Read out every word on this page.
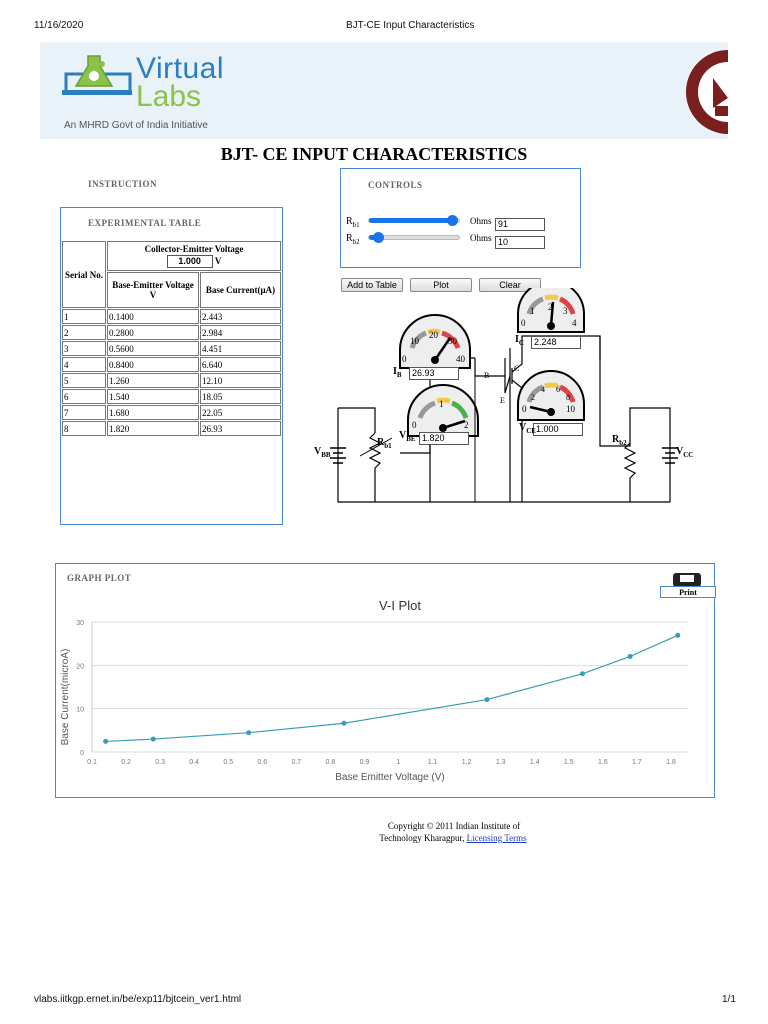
11/16/2020	BJT-CE Input Characteristics
Virtual
Labs
An MHRD Govt of India Initiative
BJT- CE INPUT CHARACTERISTICS
INSTRUCTION	CONTROLS
$R_{b1}$	Ohms 91
$R_{b2}$	Ohms 10
Add to Table	Plot	Clear
EXPERIMENTAL TABLE
Serial No.	Collector-Emitter Voltage
1.000 V	

	Base-Emitter Voltage
V	Base Current(μA)
1	0.1400	2.443
2	0.2800	2.984
3	0.5600	4.451
4	0.8400	6.640
5	1.260	12.10
6	1.540	18.05
7	1.680	22.05
8	1.820	26.93
0
10
20
30
40
0
1 2 3
4
0
1
2
0
2
4 6
8
10
26.93
2.248
1.820
1.000
$I_B$
$I_C$
$V_{BE}$
$V_{CE}$
$V_{BB}$	$V_{CC}$
$R_{b1}$
$R_{b2}$
B
C
E
GRAPH PLOT
Print
V-I Plot
0
10
20
30
0.1	0.2	0.3	0.4	0.5	0.6	0.7	0.8	0.9	1	1.1	1.2	1.3	1.4	1.5	1.6	1.7	1.8
Base Emitter Voltage (V)
Base Current(microA)
Copyright © 2011 Indian Institute of
Technology Kharagpur, Licensing Terms
vlabs.iitkgp.ernet.in/be/exp11/bjtcein_ver1.html	1/1
